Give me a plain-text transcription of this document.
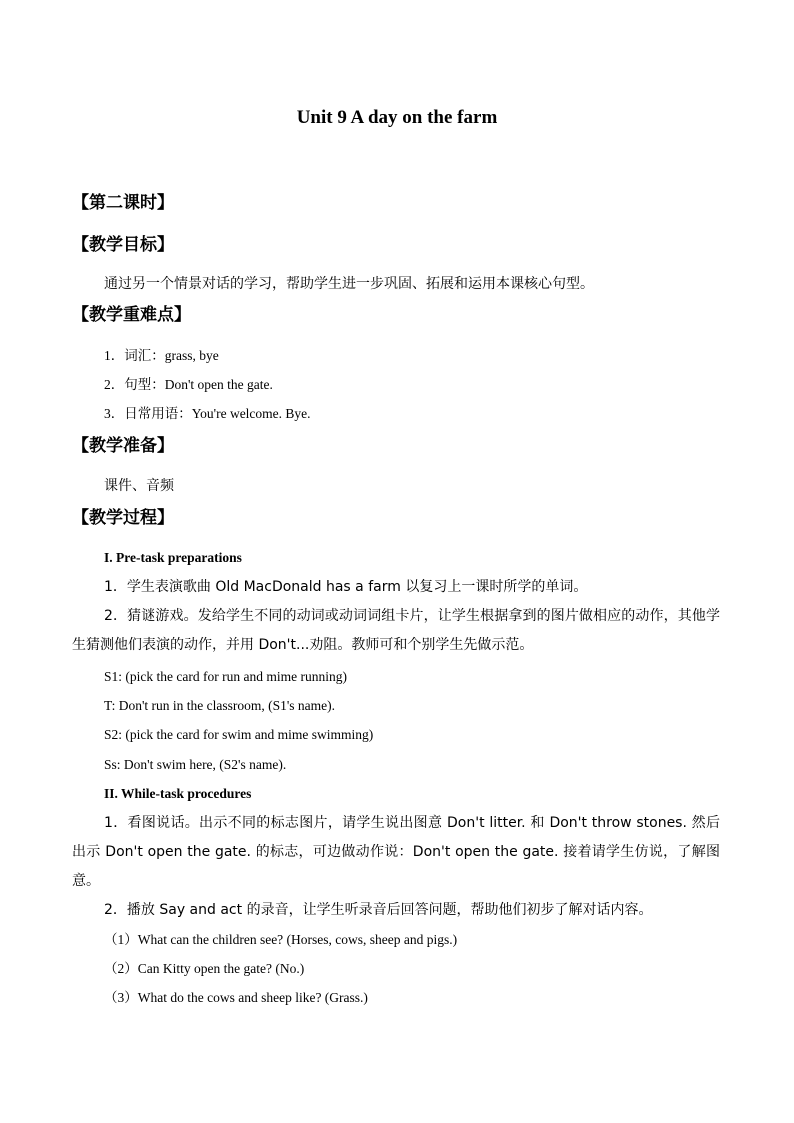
Unit 9 A day on the farm
【第二课时】
【教学目标】
通过另一个情景对话的学习，帮助学生进一步巩固、拓展和运用本课核心句型。
【教学重难点】
1．词汇：grass, bye
2．句型：Don't open the gate.
3．日常用语：You're welcome. Bye.
【教学准备】
课件、音频
【教学过程】
I. Pre-task preparations
1．学生表演歌曲 Old MacDonald has a farm 以复习上一课时所学的单词。
2．猜谜游戏。发给学生不同的动词或动词词组卡片，让学生根据拿到的图片做相应的动作，其他学生猜测他们表演的动作，并用 Don't...劝阻。教师可和个别学生先做示范。
S1: (pick the card for run and mime running)
T: Don't run in the classroom, (S1's name).
S2: (pick the card for swim and mime swimming)
Ss: Don't swim here, (S2's name).
II. While-task procedures
1．看图说话。出示不同的标志图片，请学生说出图意 Don't litter. 和 Don't throw stones. 然后出示 Don't open the gate. 的标志，可边做动作说：Don't open the gate. 接着请学生仿说，了解图意。
2．播放 Say and act 的录音，让学生听录音后回答问题，帮助他们初步了解对话内容。
（1）What can the children see? (Horses, cows, sheep and pigs.)
（2）Can Kitty open the gate? (No.)
（3）What do the cows and sheep like? (Grass.)
